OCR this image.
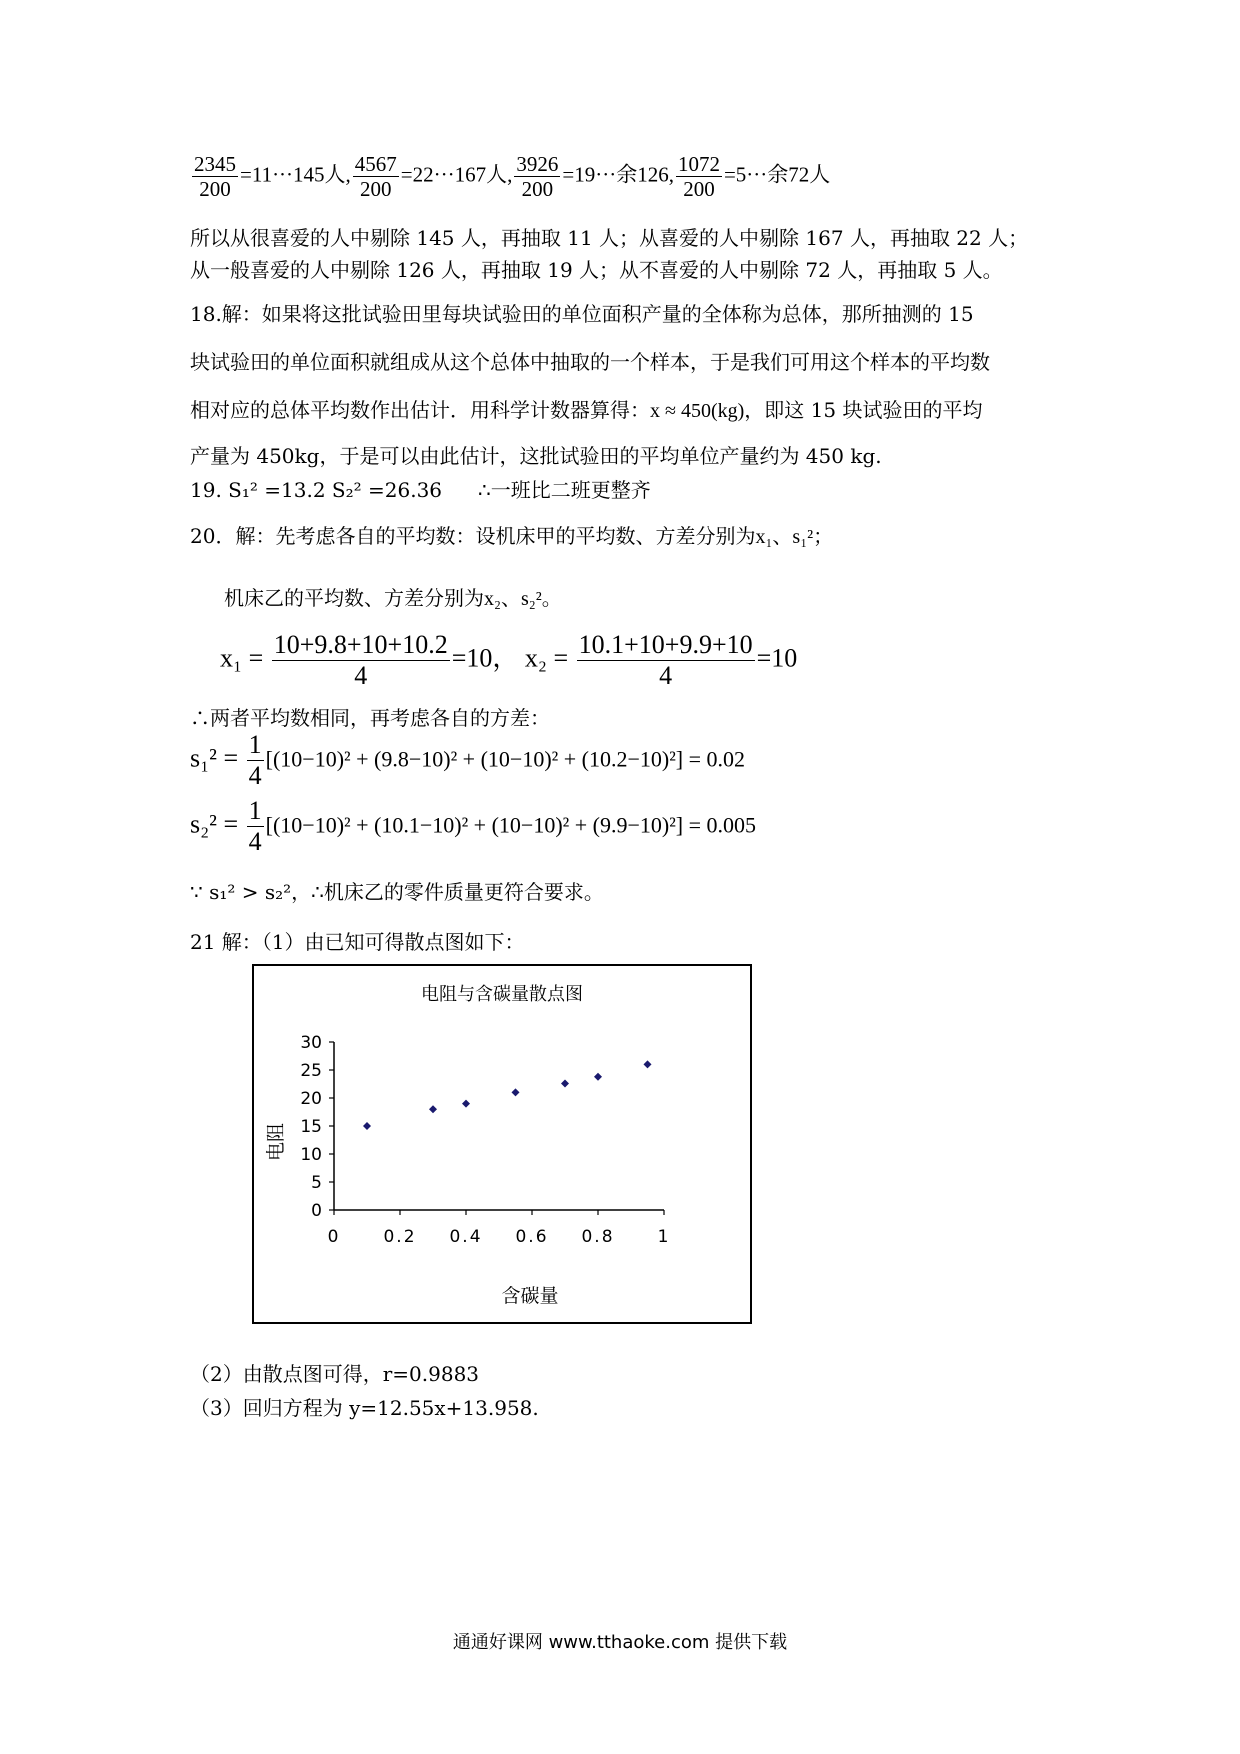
$\frac{2345}{200} =11\cdot\cdot\cdot 145$人, $\frac{4567}{200} =22\cdot\cdot\cdot 167$人, $\frac{3926}{200} =19\cdot\cdot\cdot$余126, $\frac{1072}{200} =5\cdot\cdot\cdot$余72人
所以从很喜爱的人中剔除 145 人，再抽取 11 人；从喜爱的人中剔除 167 人，再抽取 22 人；
从一般喜爱的人中剔除 126 人，再抽取 19 人；从不喜爱的人中剔除 72 人，再抽取 5 人。
18.解：如果将这批试验田里每块试验田的单位面积产量的全体称为总体，那所抽测的 15
块试验田的单位面积就组成从这个总体中抽取的一个样本，于是我们可用这个样本的平均数
相对应的总体平均数作出估计．用科学计数器算得：x ≈ 450(kg)，即这 15 块试验田的平均
产量为 450kg，于是可以由此估计，这批试验田的平均单位产量约为 450 kg.
19. S₁² =13.2 S₂² =26.36 ∴一班比二班更整齐
20．解：先考虑各自的平均数：设机床甲的平均数、方差分别为x₁、s₁²；
机床乙的平均数、方差分别为x₂、s₂²。
$x_1 = \frac{10+9.8+10+10.2}{4} =10$， $x_2 = \frac{10.1+10+9.9+10}{4} =10$
∴两者平均数相同，再考虑各自的方差：
$s_1^2 = \frac{1}{4} [(10-10)^2 + (9.8-10)^2 + (10-10)^2 + (10.2-10)^2] = 0.02$
$s_2^2 = \frac{1}{4} [(10-10)^2 + (10.1-10)^2 + (10-10)^2 + (9.9-10)^2] = 0.005$
∵ s₁² > s₂²，∴机床乙的零件质量更符合要求。
21 解：（1）由已知可得散点图如下：
电阻与含碳量散点图
含碳量
电阻
0
5
10
15
20
25
30
0	0.2 0.4 0.6 0.8	1
（2）由散点图可得，r=0.9883
（3）回归方程为 y=12.55x+13.958.
通通好课网 www.tthaoke.com 提供下载
